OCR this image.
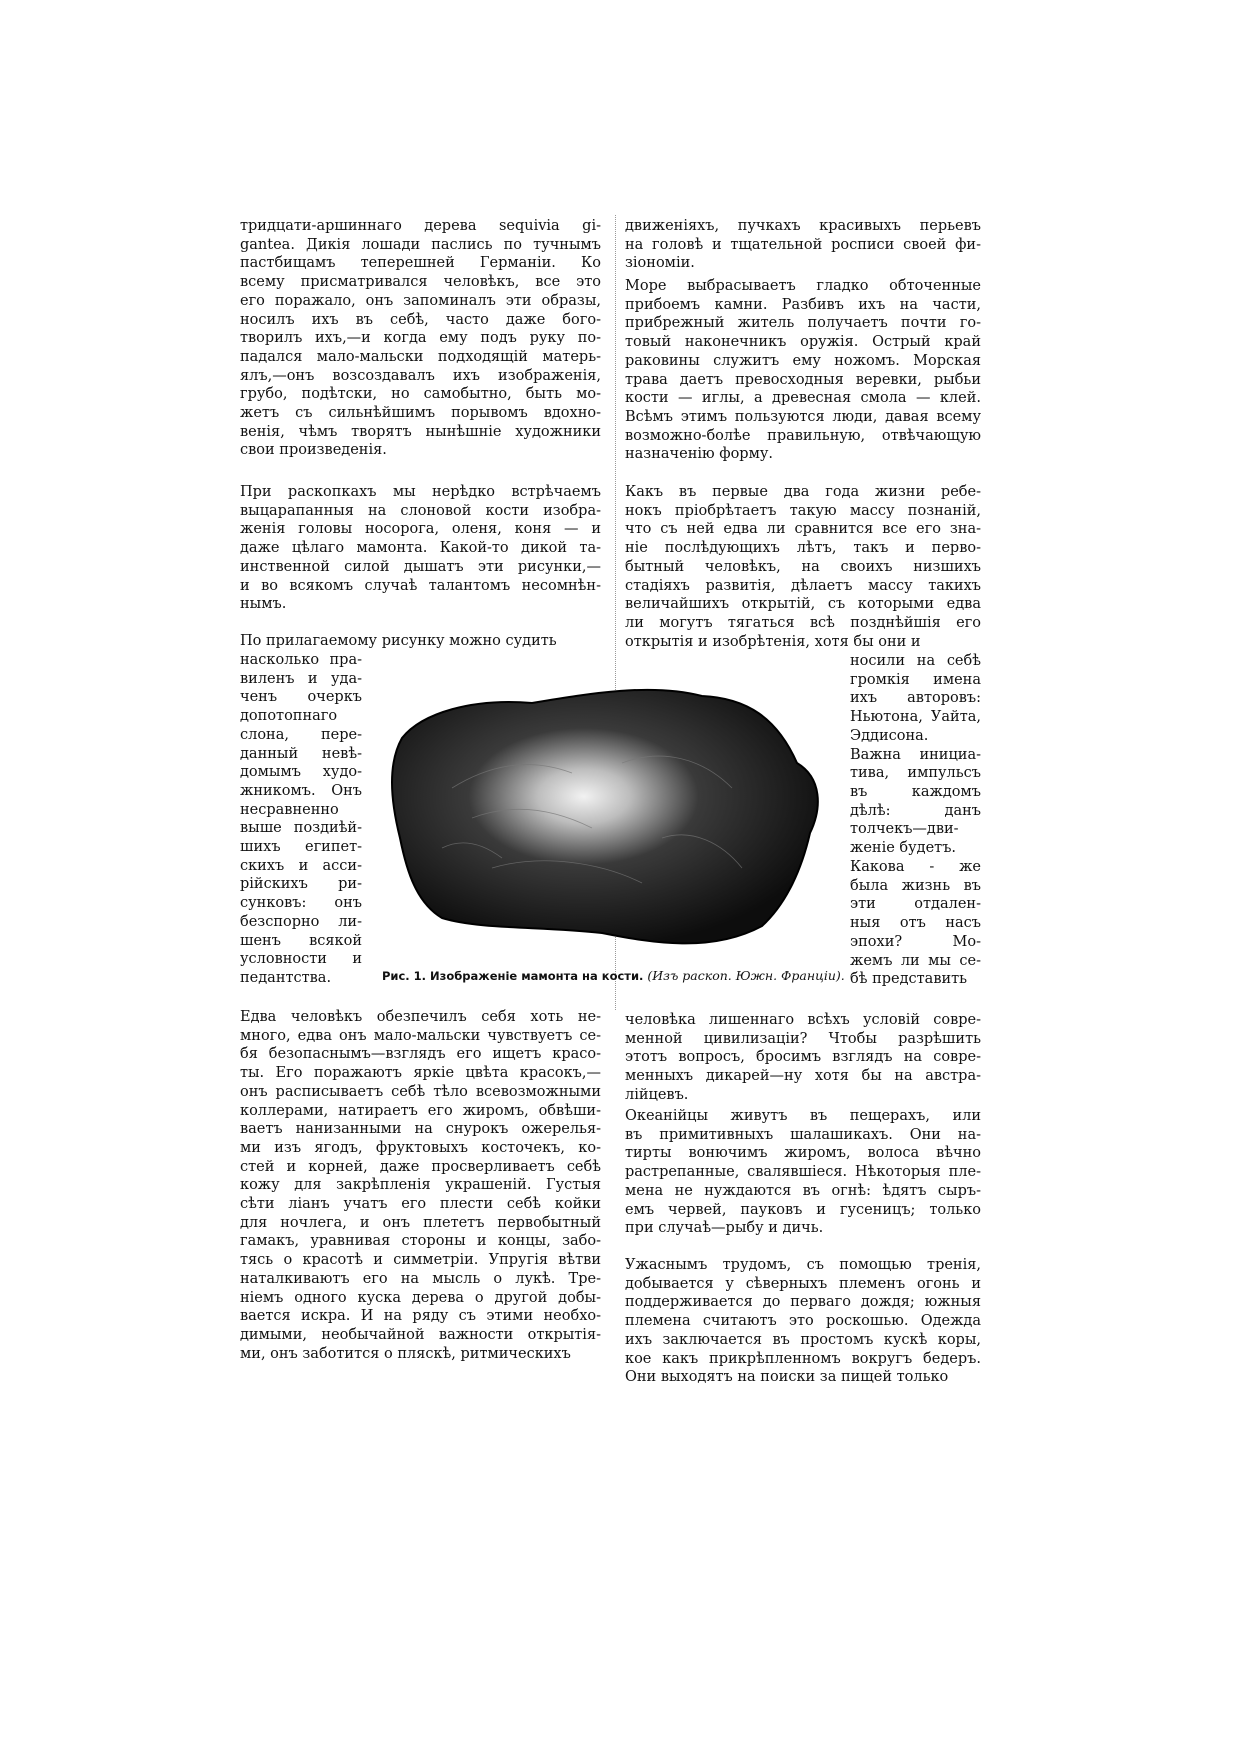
тридцати-аршиннаго дерева sequivia gi-
gantea. Дикія лошади паслись по тучнымъ
пастбищамъ теперешней Германіи. Ко
всему присматривался человѣкъ, все это
его поражало, онъ запоминалъ эти образы,
носилъ ихъ въ себѣ, часто даже бого-
творилъ ихъ,—и когда ему подъ руку по-
падался мало-мальски подходящій матерь-
ялъ,—онъ возсоздавалъ ихъ изображенія,
грубо, подѣтски, но самобытно, быть мо-
жетъ съ сильнѣйшимъ порывомъ вдохно-
венія, чѣмъ творятъ нынѣшніе художники
свои произведенія.
При раскопкахъ мы нерѣдко встрѣчаемъ
выцарапанныя на слоновой кости изобра-
женія головы носорога, оленя, коня — и
даже цѣлаго мамонта. Какой-то дикой та-
инственной силой дышатъ эти рисунки,—
и во всякомъ случаѣ талантомъ несомнѣн-
нымъ.
По прилагаемому рисунку можно судить
насколько пра-
виленъ и уда-
ченъ очеркъ
допотопнаго
слона, пере-
данный невѣ-
домымъ худо-
жникомъ. Онъ
несравненно
выше поздиѣй-
шихъ египет-
скихъ и асси-
рійскихъ ри-
сунковъ: онъ
безспорно ли-
шенъ всякой
условности и
педантства.
Едва человѣкъ обезпечилъ себя хоть не-
много, едва онъ мало-мальски чувствуетъ се-
бя безопаснымъ—взглядъ его ищетъ красо-
ты. Его поражаютъ яркіе цвѣта красокъ,—
онъ расписываетъ себѣ тѣло всевозможными
коллерами, натираетъ его жиромъ, обвѣши-
ваетъ нанизанными на снурокъ ожерелья-
ми изъ ягодъ, фруктовыхъ косточекъ, ко-
стей и корней, даже просверливаетъ себѣ
кожу для закрѣпленія украшеній. Густыя
сѣти ліанъ учатъ его плести себѣ койки
для ночлега, и онъ плететъ первобытный
гамакъ, уравнивая стороны и концы, забо-
тясь о красотѣ и симметріи. Упругія вѣтви
наталкиваютъ его на мысль о лукѣ. Тре-
ніемъ одного куска дерева о другой добы-
вается искра. И на ряду съ этими необхо-
димыми, необычайной важности открытія-
ми, онъ заботится о пляскѣ, ритмическихъ
движеніяхъ, пучкахъ красивыхъ перьевъ
на головѣ и тщательной росписи своей фи-
зіономіи.
Море выбрасываетъ гладко обточенные
прибоемъ камни. Разбивъ ихъ на части,
прибрежный житель получаетъ почти го-
товый наконечникъ оружія. Острый край
раковины служитъ ему ножомъ. Морская
трава даетъ превосходныя веревки, рыбьи
кости — иглы, а древесная смола — клей.
Всѣмъ этимъ пользуются люди, давая всему
возможно-болѣе правильную, отвѣчающую
назначенію форму.
Какъ въ первые два года жизни ребе-
нокъ пріобрѣтаетъ такую массу познаній,
что съ ней едва ли сравнится все его зна-
ніе послѣдующихъ лѣтъ, такъ и перво-
бытный человѣкъ, на своихъ низшихъ
стадіяхъ развитія, дѣлаетъ массу такихъ
величайшихъ открытій, съ которыми едва
ли могутъ тягаться всѣ позднѣйшія его
открытія и изобрѣтенія, хотя бы они и
носили на себѣ
громкія имена
ихъ авторовъ:
Ньютона, Уайта,
Эддисона.
Важна инициа-
тива, импульсъ
въ каждомъ
дѣлѣ: данъ
толчекъ—дви-
женіе будетъ.
Какова - же
была жизнь въ
эти отдален-
ныя отъ насъ
эпохи? Мо-
жемъ ли мы се-
бѣ представить
человѣка лишеннаго всѣхъ условій совре-
менной цивилизаціи? Чтобы разрѣшить
этотъ вопросъ, бросимъ взглядъ на совре-
менныхъ дикарей—ну хотя бы на австра-
лійцевъ.
Океанійцы живутъ въ пещерахъ, или
въ примитивныхъ шалашикахъ. Они на-
тирты вонючимъ жиромъ, волоса вѣчно
растрепанные, свалявшіеся. Нѣкоторыя пле-
мена не нуждаются въ огнѣ: ѣдятъ сыръ-
емъ червей, пауковъ и гусеницъ; только
при случаѣ—рыбу и дичь.
Ужаснымъ трудомъ, съ помощью тренія,
добывается у сѣверныхъ племенъ огонь и
поддерживается до перваго дождя; южныя
племена считаютъ это роскошью. Одежда
ихъ заключается въ простомъ кускѣ коры,
кое какъ прикрѣпленномъ вокругъ бедеръ.
Они выходятъ на поиски за пищей только
Рис. 1. Изображеніе мамонта на кости. (Изъ раскоп. Южн. Франціи).
